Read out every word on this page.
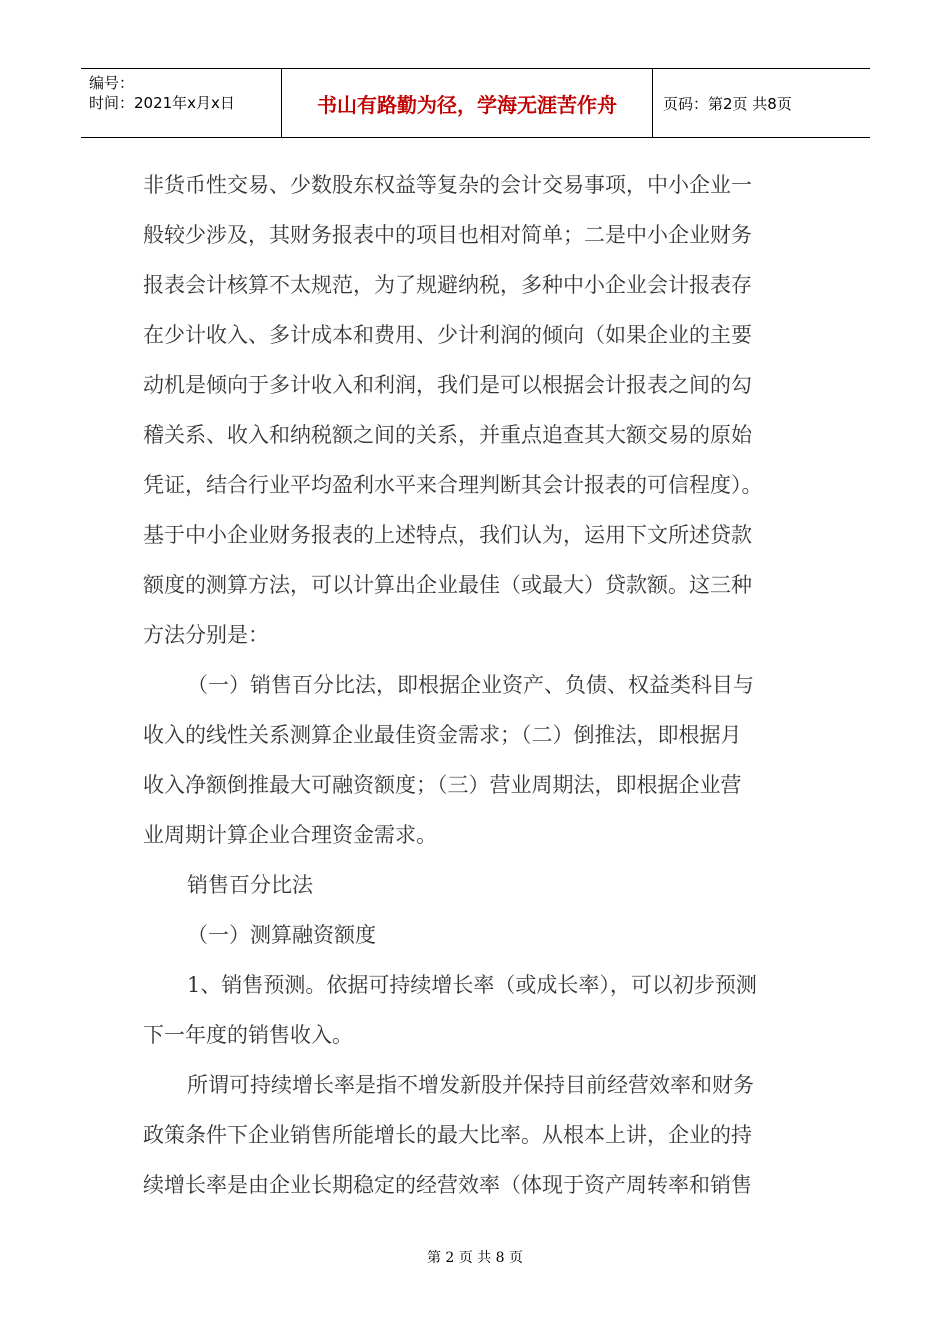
编号：
时间：2021年x月x日	书山有路勤为径，学海无涯苦作舟	页码：第2页 共8页
非货币性交易、少数股东权益等复杂的会计交易事项，中小企业一
般较少涉及，其财务报表中的项目也相对简单；二是中小企业财务
报表会计核算不太规范，为了规避纳税，多种中小企业会计报表存
在少计收入、多计成本和费用、少计利润的倾向（如果企业的主要
动机是倾向于多计收入和利润，我们是可以根据会计报表之间的勾
稽关系、收入和纳税额之间的关系，并重点追查其大额交易的原始
凭证，结合行业平均盈利水平来合理判断其会计报表的可信程度）。
基于中小企业财务报表的上述特点，我们认为，运用下文所述贷款
额度的测算方法，可以计算出企业最佳（或最大）贷款额。这三种
方法分别是：
（一）销售百分比法，即根据企业资产、负债、权益类科目与
收入的线性关系测算企业最佳资金需求；（二）倒推法，即根据月
收入净额倒推最大可融资额度；（三）营业周期法，即根据企业营
业周期计算企业合理资金需求。
销售百分比法
（一）测算融资额度
1、销售预测。依据可持续增长率（或成长率），可以初步预测
下一年度的销售收入。
所谓可持续增长率是指不增发新股并保持目前经营效率和财务
政策条件下企业销售所能增长的最大比率。从根本上讲，企业的持
续增长率是由企业长期稳定的经营效率（体现于资产周转率和销售
第 2 页 共 8 页
